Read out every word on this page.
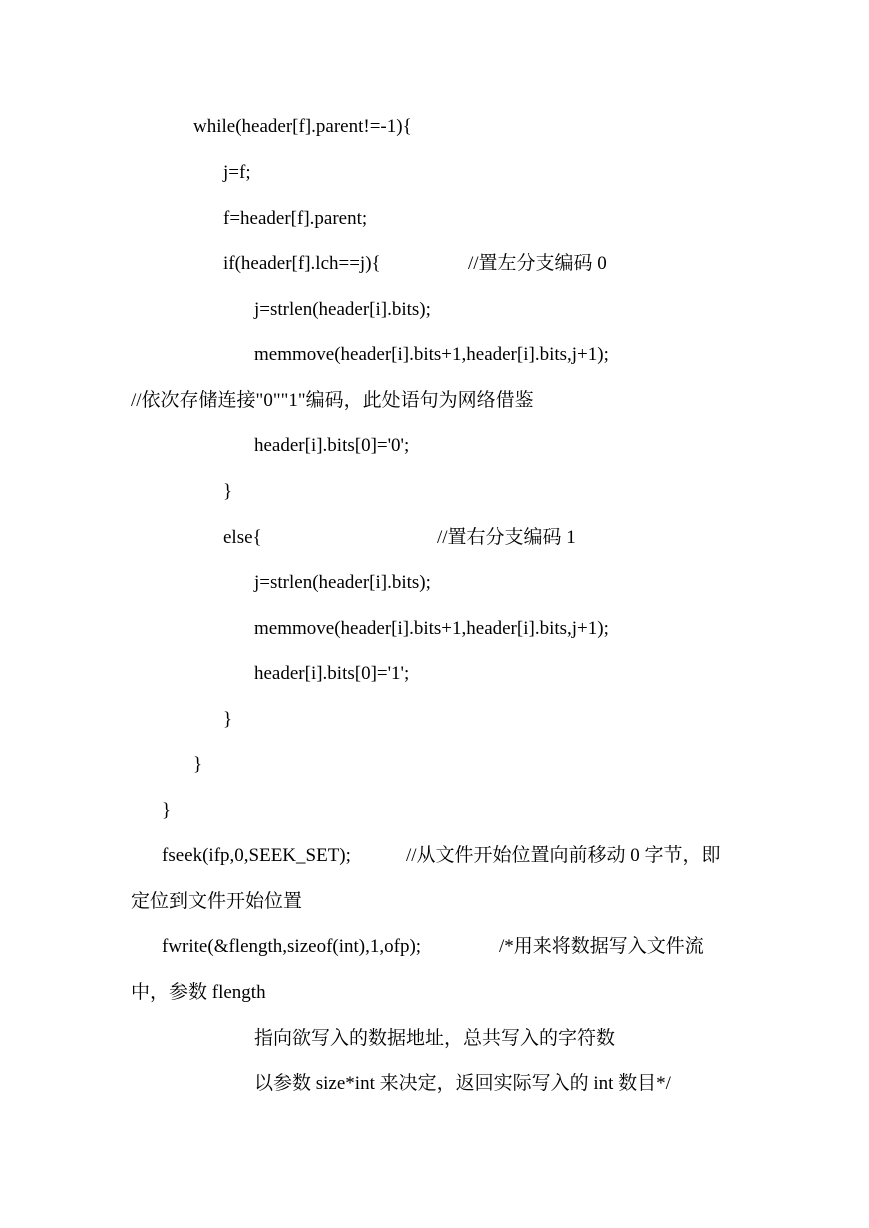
while(header[f].parent!=-1){
j=f;
f=header[f].parent;
if(header[f].lch==j){	//置左分支编码 0
j=strlen(header[i].bits);
memmove(header[i].bits+1,header[i].bits,j+1);
//依次存储连接"0""1"编码，此处语句为网络借鉴
header[i].bits[0]='0';
}
else{	//置右分支编码 1
j=strlen(header[i].bits);
memmove(header[i].bits+1,header[i].bits,j+1);
header[i].bits[0]='1';
}
}
}
fseek(ifp,0,SEEK_SET);	//从文件开始位置向前移动 0 字节，即
定位到文件开始位置
fwrite(&flength,sizeof(int),1,ofp);	/*用来将数据写入文件流
中，参数 flength
指向欲写入的数据地址，总共写入的字符数
以参数 size*int 来决定，返回实际写入的 int 数目*/
